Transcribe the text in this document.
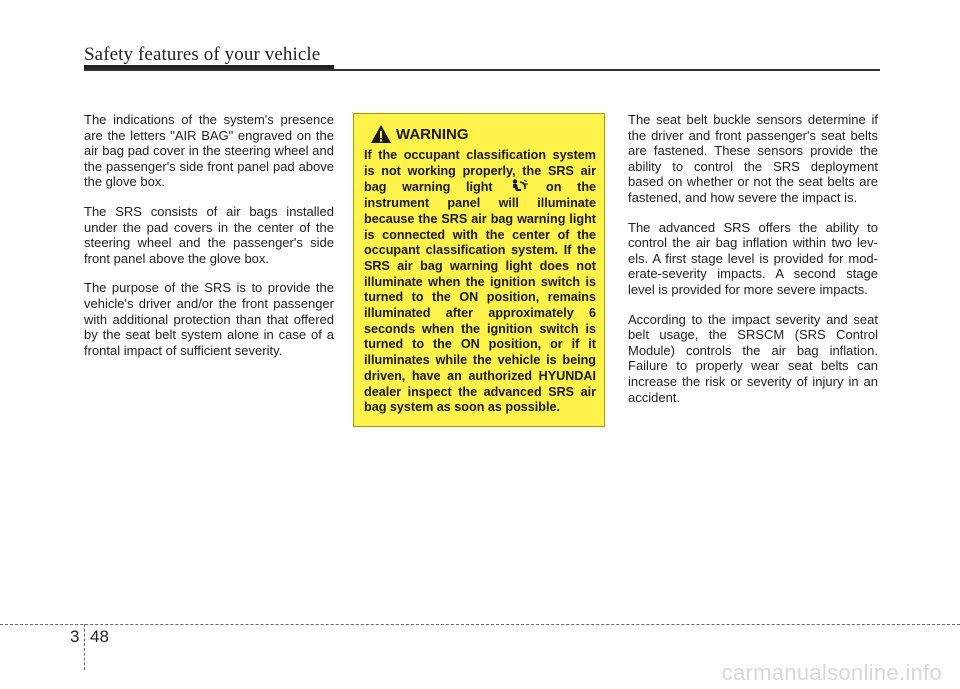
Safety features of your vehicle

The indications of the system's presence are the letters "AIR BAG" engraved on the air bag pad cover in the steering wheel and the passenger's side front panel pad above the glove box.

The SRS consists of air bags installed under the pad covers in the center of the steering wheel and the passenger's side front panel above the glove box.

The purpose of the SRS is to provide the vehicle's driver and/or the front passenger with additional protection than that offered by the seat belt system alone in case of a frontal impact of sufficient severity.

WARNING

If the occupant classification system is not working properly, the SRS air bag warning light	on the instrument panel will illuminate because the SRS air bag warning light is connected with the center of the occupant classification system. If the SRS air bag warning light does not illuminate when the ignition switch is turned to the ON position, remains illuminated after approximately 6 seconds when the ignition switch is turned to the ON position, or if it illuminates while the vehicle is being driven, have an authorized HYUNDAI dealer inspect the advanced SRS air bag system as soon as possible.

The seat belt buckle sensors determine if the driver and front passenger's seat belts are fastened. These sensors provide the ability to control the SRS deployment based on whether or not the seat belts are fastened, and how severe the impact is.

The advanced SRS offers the ability to control the air bag inflation within two levels. A first stage level is provided for moderate-severity impacts. A second stage level is provided for more severe impacts.

According to the impact severity and seat belt usage, the SRSCM (SRS Control Module) controls the air bag inflation. Failure to properly wear seat belts can increase the risk or severity of injury in an accident.

3 48
carmanualsonline.info
